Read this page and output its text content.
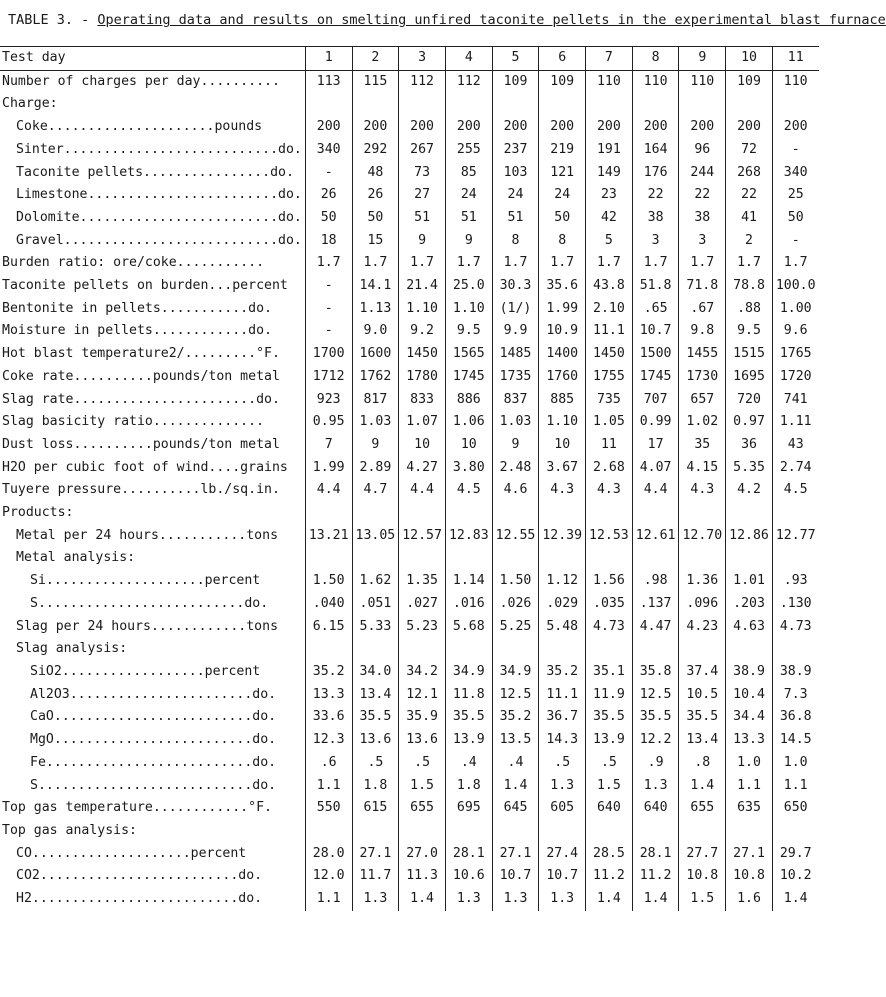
TABLE 3. - Operating data and results on smelting unfired taconite pellets in the experimental blast furnace
Test day	1	2	3	4	5	6	7	8	9	10	11
Number of charges per day..........	113	115	112	112	109	109	110	110	110	109	110
Charge:											
Coke.....................pounds	200	200	200	200	200	200	200	200	200	200	200
Sinter...........................do.	340	292	267	255	237	219	191	164	96	72	-
Taconite pellets................do.	-	48	73	85	103	121	149	176	244	268	340
Limestone........................do.	26	26	27	24	24	24	23	22	22	22	25
Dolomite.........................do.	50	50	51	51	51	50	42	38	38	41	50
Gravel...........................do.	18	15	9	9	8	8	5	3	3	2	-
Burden ratio: ore/coke...........	1.7	1.7	1.7	1.7	1.7	1.7	1.7	1.7	1.7	1.7	1.7
Taconite pellets on burden...percent	-	14.1	21.4	25.0	30.3	35.6	43.8	51.8	71.8	78.8	100.0
Bentonite in pellets...........do.	-	1.13	1.10	1.10	(1/)	1.99	2.10	.65	.67	.88	1.00
Moisture in pellets............do.	-	9.0	9.2	9.5	9.9	10.9	11.1	10.7	9.8	9.5	9.6
Hot blast temperature2/.........°F.	1700	1600	1450	1565	1485	1400	1450	1500	1455	1515	1765
Coke rate..........pounds/ton metal	1712	1762	1780	1745	1735	1760	1755	1745	1730	1695	1720
Slag rate.......................do.	923	817	833	886	837	885	735	707	657	720	741
Slag basicity ratio..............	0.95	1.03	1.07	1.06	1.03	1.10	1.05	0.99	1.02	0.97	1.11
Dust loss..........pounds/ton metal	7	9	10	10	9	10	11	17	35	36	43
H2O per cubic foot of wind....grains	1.99	2.89	4.27	3.80	2.48	3.67	2.68	4.07	4.15	5.35	2.74
Tuyere pressure..........lb./sq.in.	4.4	4.7	4.4	4.5	4.6	4.3	4.3	4.4	4.3	4.2	4.5
Products:											
Metal per 24 hours...........tons	13.21	13.05	12.57	12.83	12.55	12.39	12.53	12.61	12.70	12.86	12.77
Metal analysis:											
Si....................percent	1.50	1.62	1.35	1.14	1.50	1.12	1.56	.98	1.36	1.01	.93
S..........................do.	.040	.051	.027	.016	.026	.029	.035	.137	.096	.203	.130
Slag per 24 hours............tons	6.15	5.33	5.23	5.68	5.25	5.48	4.73	4.47	4.23	4.63	4.73
Slag analysis:											
SiO2..................percent	35.2	34.0	34.2	34.9	34.9	35.2	35.1	35.8	37.4	38.9	38.9
Al2O3.......................do.	13.3	13.4	12.1	11.8	12.5	11.1	11.9	12.5	10.5	10.4	7.3
CaO.........................do.	33.6	35.5	35.9	35.5	35.2	36.7	35.5	35.5	35.5	34.4	36.8
MgO.........................do.	12.3	13.6	13.6	13.9	13.5	14.3	13.9	12.2	13.4	13.3	14.5
Fe..........................do.	.6	.5	.5	.4	.4	.5	.5	.9	.8	1.0	1.0
S...........................do.	1.1	1.8	1.5	1.8	1.4	1.3	1.5	1.3	1.4	1.1	1.1
Top gas temperature............°F.	550	615	655	695	645	605	640	640	655	635	650
Top gas analysis:											
CO....................percent	28.0	27.1	27.0	28.1	27.1	27.4	28.5	28.1	27.7	27.1	29.7
CO2.........................do.	12.0	11.7	11.3	10.6	10.7	10.7	11.2	11.2	10.8	10.8	10.2
H2..........................do.	1.1	1.3	1.4	1.3	1.3	1.3	1.4	1.4	1.5	1.6	1.4
